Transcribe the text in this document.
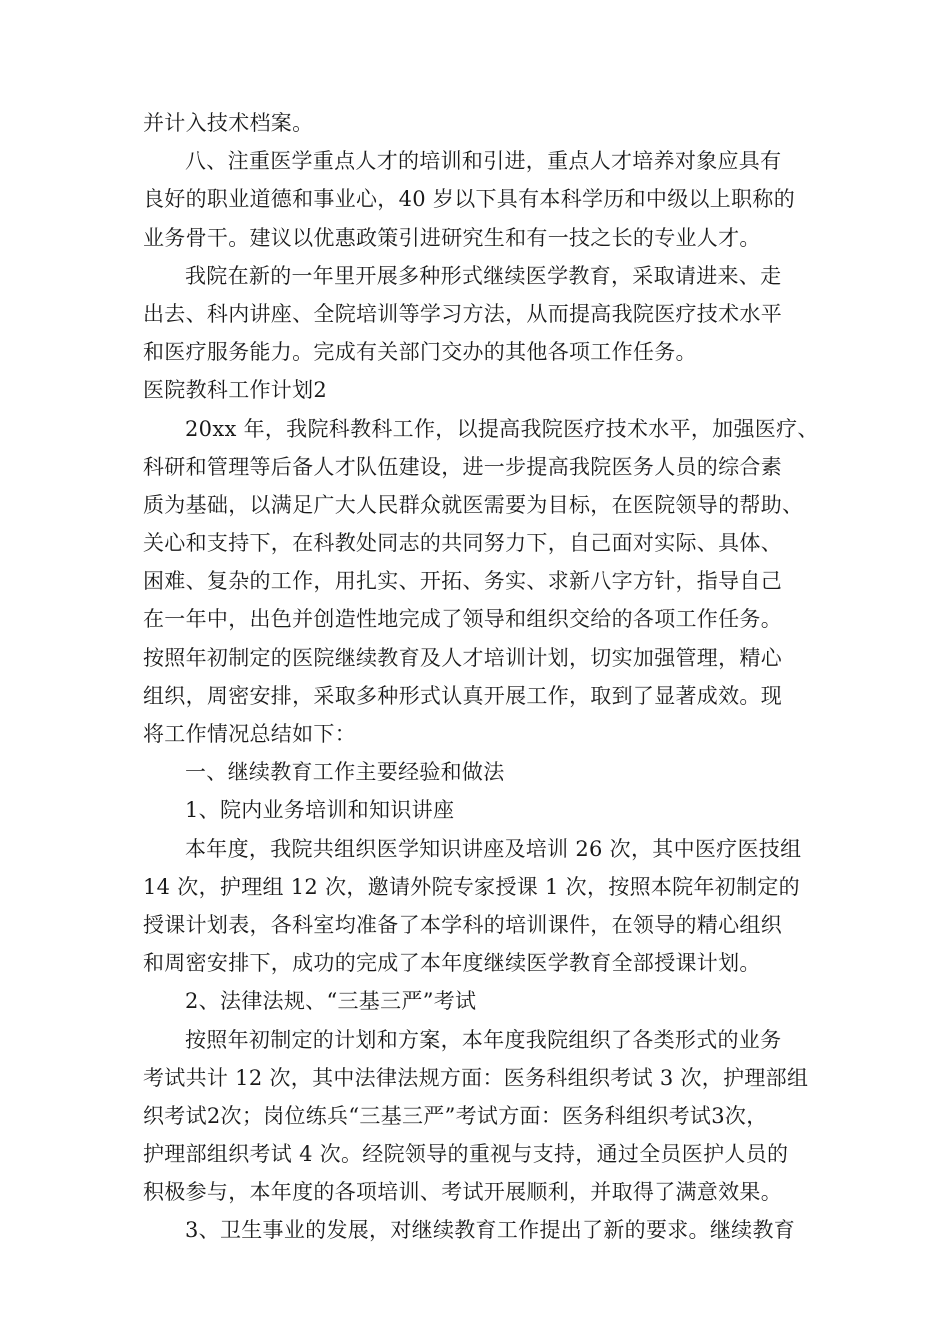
并计入技术档案。
八、注重医学重点人才的培训和引进，重点人才培养对象应具有
良好的职业道德和事业心，40 岁以下具有本科学历和中级以上职称的
业务骨干。建议以优惠政策引进研究生和有一技之长的专业人才。
我院在新的一年里开展多种形式继续医学教育，采取请进来、走
出去、科内讲座、全院培训等学习方法，从而提高我院医疗技术水平
和医疗服务能力。完成有关部门交办的其他各项工作任务。
医院教科工作计划2
20xx 年，我院科教科工作，以提高我院医疗技术水平，加强医疗、
科研和管理等后备人才队伍建设，进一步提高我院医务人员的综合素
质为基础，以满足广大人民群众就医需要为目标，在医院领导的帮助、
关心和支持下，在科教处同志的共同努力下，自己面对实际、具体、
困难、复杂的工作，用扎实、开拓、务实、求新八字方针，指导自己
在一年中，出色并创造性地完成了领导和组织交给的各项工作任务。
按照年初制定的医院继续教育及人才培训计划，切实加强管理，精心
组织，周密安排，采取多种形式认真开展工作，取到了显著成效。现
将工作情况总结如下：
一、继续教育工作主要经验和做法
1、院内业务培训和知识讲座
本年度，我院共组织医学知识讲座及培训 26 次，其中医疗医技组
14 次，护理组 12 次，邀请外院专家授课 1 次，按照本院年初制定的
授课计划表，各科室均准备了本学科的培训课件，在领导的精心组织
和周密安排下，成功的完成了本年度继续医学教育全部授课计划。
2、法律法规、“三基三严”考试
按照年初制定的计划和方案，本年度我院组织了各类形式的业务
考试共计 12 次，其中法律法规方面：医务科组织考试 3 次，护理部组
织考试2次；岗位练兵“三基三严”考试方面：医务科组织考试3次，
护理部组织考试 4 次。经院领导的重视与支持，通过全员医护人员的
积极参与，本年度的各项培训、考试开展顺利，并取得了满意效果。
3、卫生事业的发展，对继续教育工作提出了新的要求。继续教育
